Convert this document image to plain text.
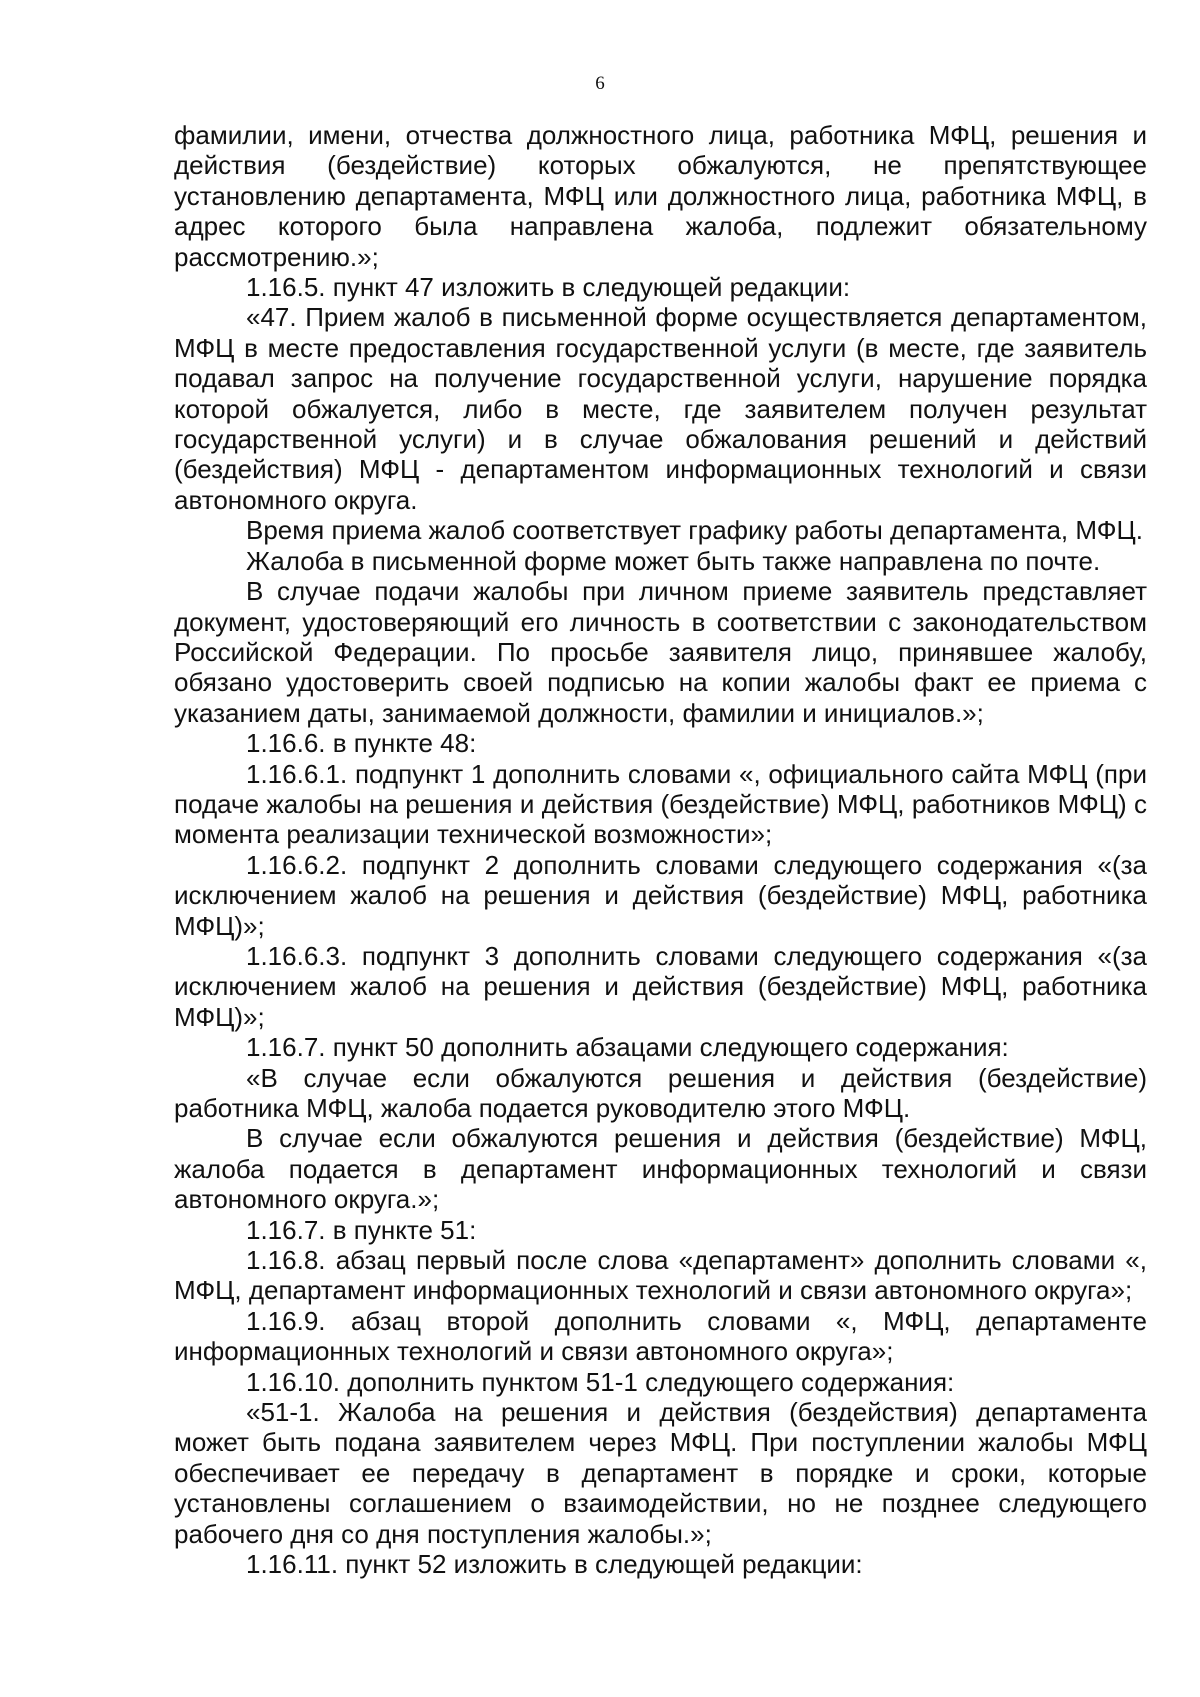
6

фамилии, имени, отчества должностного лица, работника МФЦ, решения и действия (бездействие) которых обжалуются, не препятствующее установлению департамента, МФЦ или должностного лица, работника МФЦ, в адрес которого была направлена жалоба, подлежит обязательному рассмотрению.»;

1.16.5. пункт 47 изложить в следующей редакции:

«47. Прием жалоб в письменной форме осуществляется департаментом, МФЦ в месте предоставления государственной услуги (в месте, где заявитель подавал запрос на получение государственной услуги, нарушение порядка которой обжалуется, либо в месте, где заявителем получен результат государственной услуги) и в случае обжалования решений и действий (бездействия) МФЦ - департаментом информационных технологий и связи автономного округа.

Время приема жалоб соответствует графику работы департамента, МФЦ.

Жалоба в письменной форме может быть также направлена по почте.

В случае подачи жалобы при личном приеме заявитель представляет документ, удостоверяющий его личность в соответствии с законодательством Российской Федерации. По просьбе заявителя лицо, принявшее жалобу, обязано удостоверить своей подписью на копии жалобы факт ее приема с указанием даты, занимаемой должности, фамилии и инициалов.»;

1.16.6. в пункте 48:

1.16.6.1. подпункт 1 дополнить словами «, официального сайта МФЦ (при подаче жалобы на решения и действия (бездействие) МФЦ, работников МФЦ) с момента реализации технической возможности»;

1.16.6.2. подпункт 2 дополнить словами следующего содержания «(за исключением жалоб на решения и действия (бездействие) МФЦ, работника МФЦ)»;

1.16.6.3. подпункт 3 дополнить словами следующего содержания «(за исключением жалоб на решения и действия (бездействие) МФЦ, работника МФЦ)»;

1.16.7. пункт 50 дополнить абзацами следующего содержания:

«В случае если обжалуются решения и действия (бездействие) работника МФЦ, жалоба подается руководителю этого МФЦ.

В случае если обжалуются решения и действия (бездействие) МФЦ, жалоба подается в департамент информационных технологий и связи автономного округа.»;

1.16.7. в пункте 51:

1.16.8. абзац первый после слова «департамент» дополнить словами «, МФЦ, департамент информационных технологий и связи автономного округа»;

1.16.9. абзац второй дополнить словами «, МФЦ, департаменте информационных технологий и связи автономного округа»;

1.16.10. дополнить пунктом 51-1 следующего содержания:

«51-1. Жалоба на решения и действия (бездействия) департамента может быть подана заявителем через МФЦ. При поступлении жалобы МФЦ обеспечивает ее передачу в департамент в порядке и сроки, которые установлены соглашением о взаимодействии, но не позднее следующего рабочего дня со дня поступления жалобы.»;

1.16.11. пункт 52 изложить в следующей редакции:
